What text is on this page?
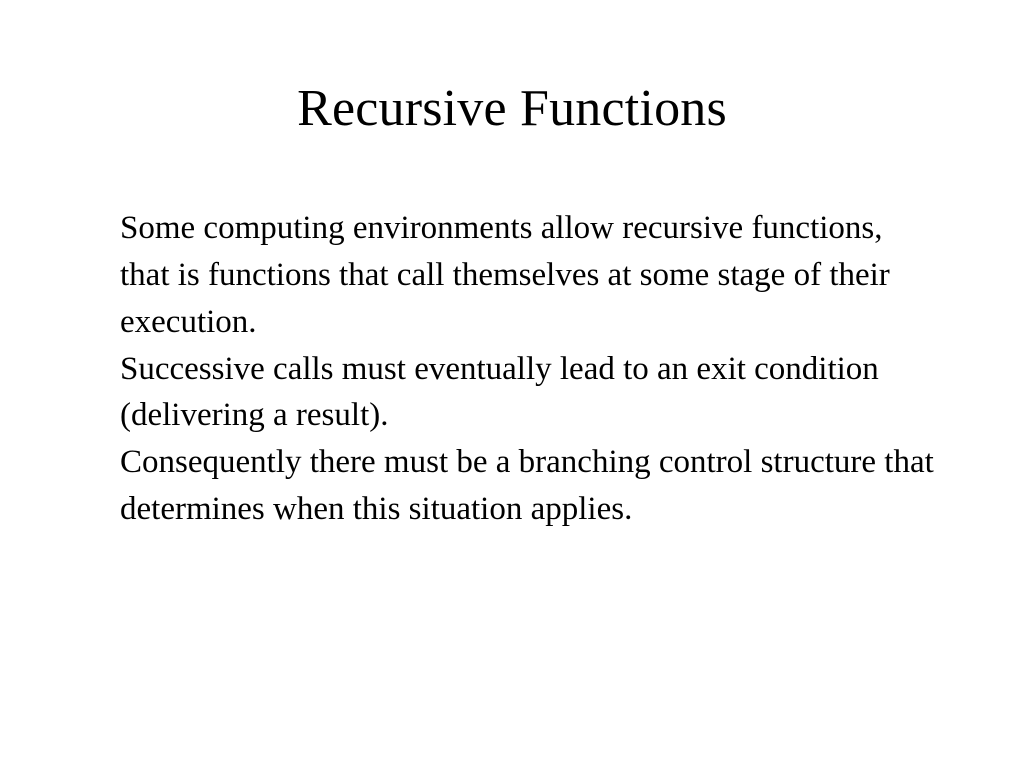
Recursive Functions

Some computing environments allow recursive functions, that is functions that call themselves at some stage of their execution.

Successive calls must eventually lead to an exit condition (delivering a result).

Consequently there must be a branching control structure that determines when this situation applies.
